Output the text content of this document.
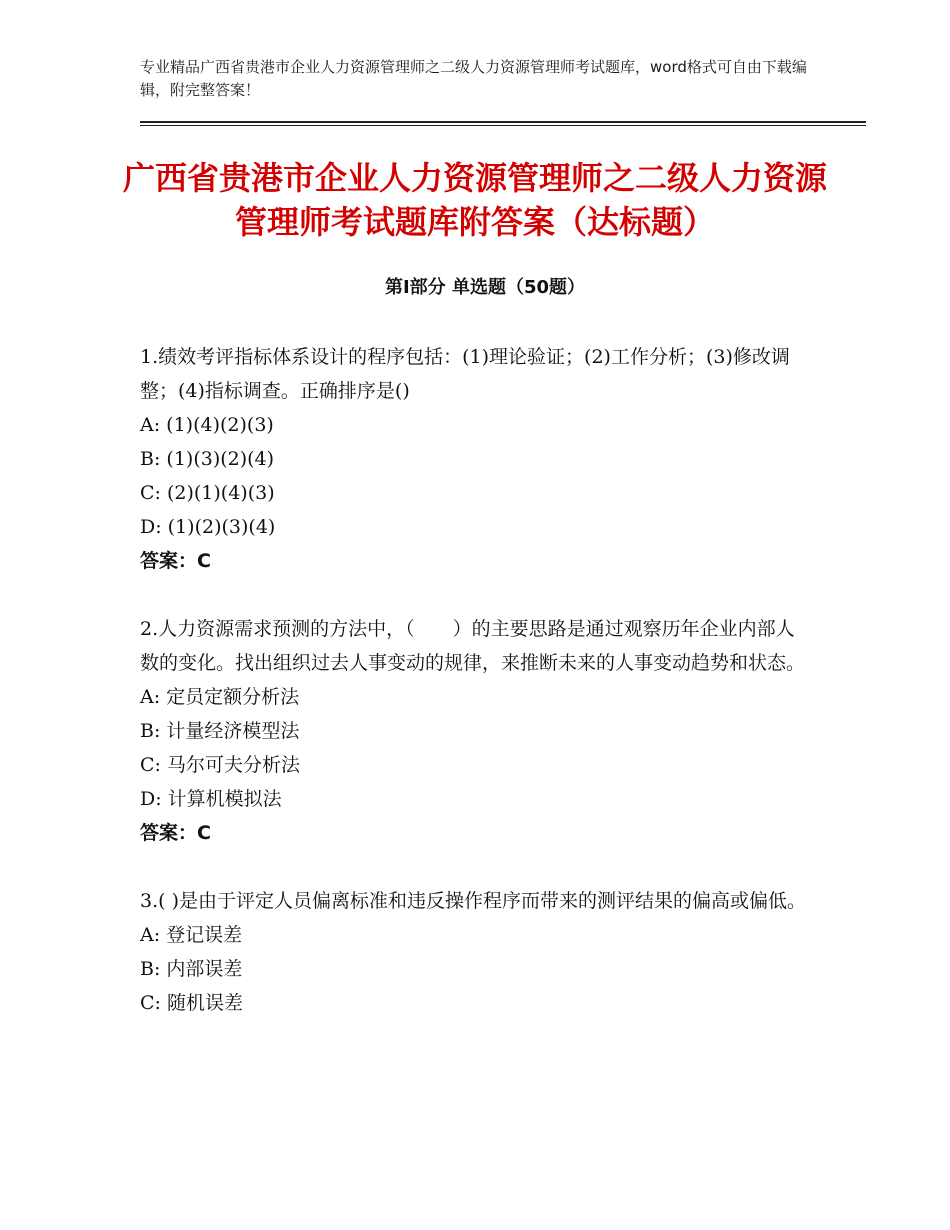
专业精品广西省贵港市企业人力资源管理师之二级人力资源管理师考试题库，word格式可自由下载编辑，附完整答案！
广西省贵港市企业人力资源管理师之二级人力资源管理师考试题库附答案（达标题）
第Ⅰ部分 单选题（50题）

1.绩效考评指标体系设计的程序包括：(1)理论验证；(2)工作分析；(3)修改调整；(4)指标调查。正确排序是()

A: (1)(4)(2)(3)

B: (1)(3)(2)(4)

C: (2)(1)(4)(3)

D: (1)(2)(3)(4)

答案：C

2.人力资源需求预测的方法中，（　　）的主要思路是通过观察历年企业内部人数的变化。找出组织过去人事变动的规律，来推断未来的人事变动趋势和状态。

A: 定员定额分析法

B: 计量经济模型法

C: 马尔可夫分析法

D: 计算机模拟法

答案：C

3.( )是由于评定人员偏离标准和违反操作程序而带来的测评结果的偏高或偏低。

A: 登记误差

B: 内部误差

C: 随机误差
